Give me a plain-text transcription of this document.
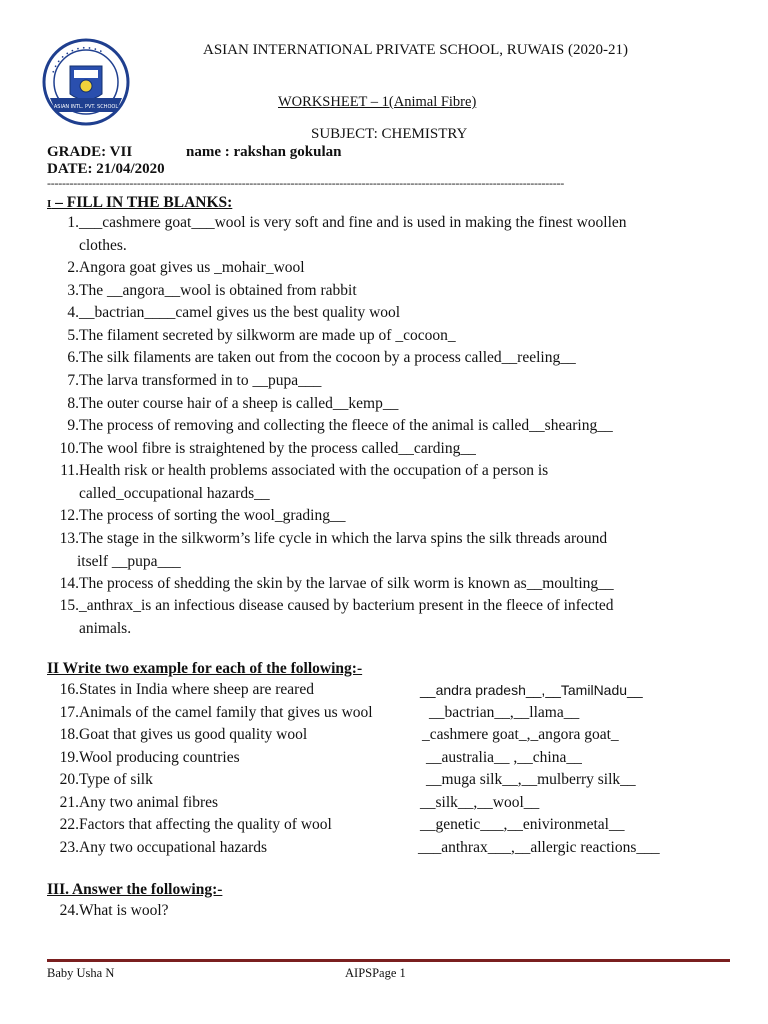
• • • • • • • • • • •
ASIAN INTL. PVT. SCHOOL
ASIAN INTERNATIONAL PRIVATE SCHOOL, RUWAIS (2020-21)
WORKSHEET – 1(Animal Fibre)
SUBJECT: CHEMISTRY
GRADE: VII	name : rakshan gokulan
DATE: 21/04/2020
------------------------------------------------------------------------------------------------------------------------------------------
I – FILL IN THE BLANKS:
1. ___cashmere goat___wool is very soft and fine and is used in making the finest woollen
clothes.
2. Angora goat gives us _mohair_wool
3. The __angora__wool is obtained from rabbit
4. __bactrian____camel gives us the best quality wool
5. The filament secreted by silkworm are made up of _cocoon_
6. The silk filaments are taken out from the cocoon by a process called__reeling__
7. The larva transformed in to __pupa___
8. The outer course hair of a sheep is called__kemp__
9. The process of removing and collecting the fleece of the animal is called__shearing__
10. The wool fibre is straightened by the process called__carding__
11. Health risk or health problems associated with the occupation of a person is
called_occupational hazards__
12. The process of sorting the wool_grading__
13. The stage in the silkworm’s life cycle in which the larva spins the silk threads around
itself __pupa___
14. The process of shedding the skin by the larvae of silk worm is known as__moulting__
15. _anthrax_is an infectious disease caused by bacterium present in the fleece of infected
animals.
II Write two example for each of the following:-
16. States in India where sheep are reared	__andra pradesh__,__TamilNadu__
17. Animals of the camel family that gives us wool	__bactrian__,__llama__
18. Goat that gives us good quality wool	_cashmere goat_,_angora goat_
19. Wool producing countries	__australia__ ,__china__
20. Type of silk	__muga silk__,__mulberry silk__
21. Any two animal fibres	__silk__,__wool__
22. Factors that affecting the quality of wool	__genetic___,__enivironmetal__
23. Any two occupational hazards	___anthrax___,__allergic reactions___
III. Answer the following:-
24. What is wool?
Baby Usha N	AIPSPage 1
